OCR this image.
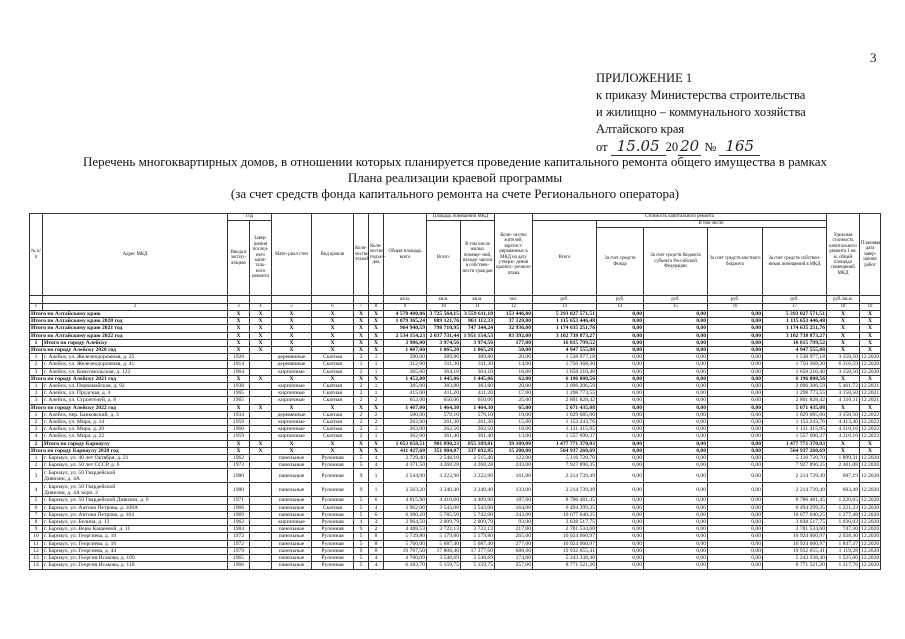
3
ПРИЛОЖЕНИЕ 1
к приказу Министерства строительства
и жилищно – коммунального хозяйства
Алтайского края
от 15.05 20 20 № 165
Перечень многоквартирных домов, в отношении которых планируется проведение капитального ремонта общего имущества в рамках
Плана реализации краевой программы
(за счет средств фонда капитального ремонта на счете Регионального оператора)
№ п/ п	Адрес МКД	Год		Мате- риал стен	Вид кровли	Коли- чество этажей	Коли- чество подъез- дов	Общая площадь всего	Площадь помещений МКД		Коли- чество жителей, зарегист- рированных в МКД на дату утверж- дения краткос- рочного плана	Стоимость капитального ремонта					Удельная стоимость капитального ремонта 1 кв. м. общей площади помещений МКД	Плановая дата завер- шения работ
		Ввода в эксплу- атацию	Завер- шения послед- него капи- таль- ного ремонта						Всего:	В том числе жилых помеще- ний, находя- щихся в собствен- ности граждан		Всего	В том числе:					
													За счет средств Фонда	За счет средств бюджета субъекта Российской Федерации	За счет средств местного бюджета	За счет средств собствен- ников помещений в МКД		
								кв.м.	кв.м.	кв.м.	чел.	руб.	руб.	руб.	руб.	руб.	руб./кв.м.	
1	2	3	4	5	6	7	8	9	10	11	12	13	14	15	16	17	18	19
Итого по Алтайскому краю		X	X	X	X	X	X	4 578 480,06	3 725 564,15	3 559 611,10	153 446,00	5 393 027 571,51	0,00	0,00	0,00	5 393 027 571,51	X	X
Итого по Алтайскому краю 2020 год		X	X	X	X	X	X	1 079 365,24	889 121,76	861 112,33	37 128,00	1 115 653 446,48	0,00	0,00	0,00	1 115 653 446,48	X	X
Итого по Алтайскому краю 2021 год		X	X	X	X	X	X	964 940,59	798 710,95	747 344,24	32 936,00	1 174 635 251,76	0,00	0,00	0,00	1 174 635 251,76	X	X
Итого по Алтайскому краю 2022 год		X	X	X	X	X	X	2 534 154,23	2 037 731,44	1 951 154,53	83 392,00	3 102 738 873,27	0,00	0,00	0,00	3 102 738 873,27	X	X
1	Итого по городу Алейску	X	X	X	X	X	X	3 986,00	3 974,56	3 974,56	177,00	16 815 799,52	0,00	0,00	0,00	16 815 799,52	X	X
Итого по городу Алейску 2020 год		X	X	X	X	X	X	1 067,00	1 065,20	1 065,20	50,00	4 947 555,88	0,00	0,00	0,00	4 947 555,88	X	X
1	г. Алейск, ул. Железнодорожная, д. 25	1928		деревянные	Скатная	2	1	390,00	389,80	389,80	20,00	1 538 977,18	0,00	0,00	0,00	1 538 977,18	3 158,50	12.2020
2	г. Алейск, ул. Железнодорожная, д. 41	1914		деревянные	Скатная	1	1	312,00	311,30	311,30	14,00	1 750 368,30	0,00	0,00	0,00	1 750 368,30	6 316,59	12.2020
3	г. Алейск, ул. Комсомольская, д. 122	1964		кирпичные	Скатная	2	1	365,00	364,10	364,10	16,00	1 658 210,40	0,00	0,00	0,00	1 658 210,40	3 158,50	12.2020
Итого по городу Алейску 2021 год		X	X	X	X	X	X	1 452,00	1 445,06	1 445,06	62,00	6 196 808,56	0,00	0,00	0,00	6 196 808,56	X	X
1	г. Алейск, ул. Первомайская, д. 92	1938		кирпичные	Скатная	2	1	385,00	383,80	383,80	20,00	2 096 206,59	0,00	0,00	0,00	2 096 206,59	5 461,72	12.2021
2	г. Алейск, ул. Прудская, д. 4	1965		кирпичные	Скатная	2	1	415,00	411,20	411,20	17,00	1 298 773,55	0,00	0,00	0,00	1 298 773,55	3 158,50	12.2021
3	г. Алейск, ул. Строителей, д. 8	1965		кирпичные	Скатная	2	2	652,00	650,06	650,06	25,00	2 801 828,42	0,00	0,00	0,00	2 801 828,42	4 310,11	12.2021
Итого по городу Алейску 2022 год		X	X	X	X	X	X	1 467,00	1 464,30	1 464,30	65,00	5 671 435,08	0,00	0,00	0,00	5 671 435,08	X	X
1	г. Алейск, пер. Банковский, д. 3	1934		деревянные	Скатная	2	2	580,00	579,10	579,10	19,00	1 829 085,00	0,00	0,00	0,00	1 829 085,00	3 158,50	12.2022
2	г. Алейск, ул. Мира, д. 14	1959		кирпичные	Скатная	2	2	262,00	261,30	261,30	15,00	1 153 243,76	0,00	0,00	0,00	1 153 243,76	4 413,40	12.2022
3	г. Алейск, ул. Мира, д. 20	1960		кирпичные	Скатная	2	1	263,00	262,50	262,50	18,00	1 131 415,95	0,00	0,00	0,00	1 131 415,95	4 310,16	12.2022
4	г. Алейск, ул. Мира, д. 22	1959		кирпичные	Скатная	2	1	362,00	361,40	361,40	13,00	1 557 690,37	0,00	0,00	0,00	1 557 690,37	4 310,16	12.2022
2	Итого по городу Барнаулу	X	X	X	X	X	X	1 053 658,51	901 890,23	855 189,81	39 109,00	1 477 771 370,03	0,00	0,00	0,00	1 477 771 370,03	X	X
Итого по городу Барнаулу 2020 год		X	X	X	X	X	X	411 427,68	351 904,07	337 692,85	15 200,00	564 937 260,69	0,00	0,00	0,00	564 937 260,69	X	X
1	г. Барнаул, ул. 40 лет Октября, д. 21	1962		панельные	Рулонная	5	4	2 729,40	2 548,10	2 515,40	122,00	5 116 720,70	0,00	0,00	0,00	5 116 720,70	1 899,31	12.2020
2	г. Барнаул, ул. 50 лет СССР, д. 6	1973		панельные	Рулонная	5	4	4 371,50	4 268,28	4 268,28	243,00	7 927 896,35	0,00	0,00	0,00	7 927 896,35	2 301,08	12.2020
3	г. Барнаул, ул. 50 Гвардейской
Дивизии, д. 4А	1980		панельные	Рулонная	9	1	3 544,90	3 222,90	3 222,90	161,00	2 214 739,49	0,00	0,00	0,00	2 214 739,49	687,19	12.2020
4	г. Барнаул, ул. 50 Гвардейской
Дивизии, д. 4А корп. 2	1980		панельные	Рулонная	9	1	3 563,20	3 340,40	3 240,40	133,00	2 214 739,49	0,00	0,00	0,00	2 214 739,49	683,48	12.2020
5	г. Барнаул, ул. 50 Гвардейской Дивизии, д. 6	1971		панельные	Рулонная	5	6	4 815,90	4 410,60	4 409,90	187,00	8 786 481,45	0,00	0,00	0,00	8 786 481,45	1 220,65	12.2020
6	г. Барнаул, ул. Антона Петрова, д. 108А	1966		панельные	Скатная	5	4	3 962,00	3 543,00	3 543,00	164,00	6 494 299,35	0,00	0,00	0,00	6 494 299,35	1 221,23	12.2020
7	г. Барнаул, ул. Антона Петрова, д. 164	1969		панельные	Рулонная	5	6	6 380,20	5 785,50	5 742,00	243,00	10 677 640,25	0,00	0,00	0,00	10 677 640,25	1 277,48	12.2020
8	г. Барнаул, ул. Белина, д. 13	1962		кирпичные	Рулонная	4	3	2 964,50	2 009,79	2 009,79	93,00	3 838 517,75	0,00	0,00	0,00	3 838 517,75	1 036,03	12.2020
9	г. Барнаул, ул. Веры Кащеевой, д. 11	1984		панельные	Рулонная	9	2	4 488,53	3 722,13	3 722,13	217,00	2 781 534,60	0,00	0,00	0,00	2 781 534,60	747,30	12.2020
10	г. Барнаул, ул. Георгиева, д. 10	1972		панельные	Рулонная	5	8	5 739,80	5 179,80	5 179,80	265,00	10 924 060,97	0,00	0,00	0,00	10 924 060,97	2 028,40	12.2020
11	г. Барнаул, ул. Георгиева, д. 16	1972		панельные	Рулонная	5	8	5 760,00	5 687,40	5 687,40	277,00	10 924 060,97	0,00	0,00	0,00	10 924 060,97	1 847,37	12.2020
12	г. Барнаул, ул. Георгиева, д. 44	1979		панельные	Рулонная	9	8	19 767,50	17 808,40	17 377,60	688,00	19 932 655,41	0,00	0,00	0,00	19 932 655,41	1 119,28	12.2020
13	г. Барнаул, ул. Георгия Исакова, д. 109	1965		панельные	Рулонная	5	4	4 700,09	3 548,69	3 548,69	174,00	5 243 338,40	0,00	0,00	0,00	5 243 338,40	1 525,00	12.2020
14	г. Барнаул, ул. Георгия Исакова, д. 118	1966		панельные	Рулонная	5	4	6 183,70	5 159,75	5 159,75	257,00	8 771 521,20	0,00	0,00	0,00	8 771 521,20	1 317,76	12.2020
